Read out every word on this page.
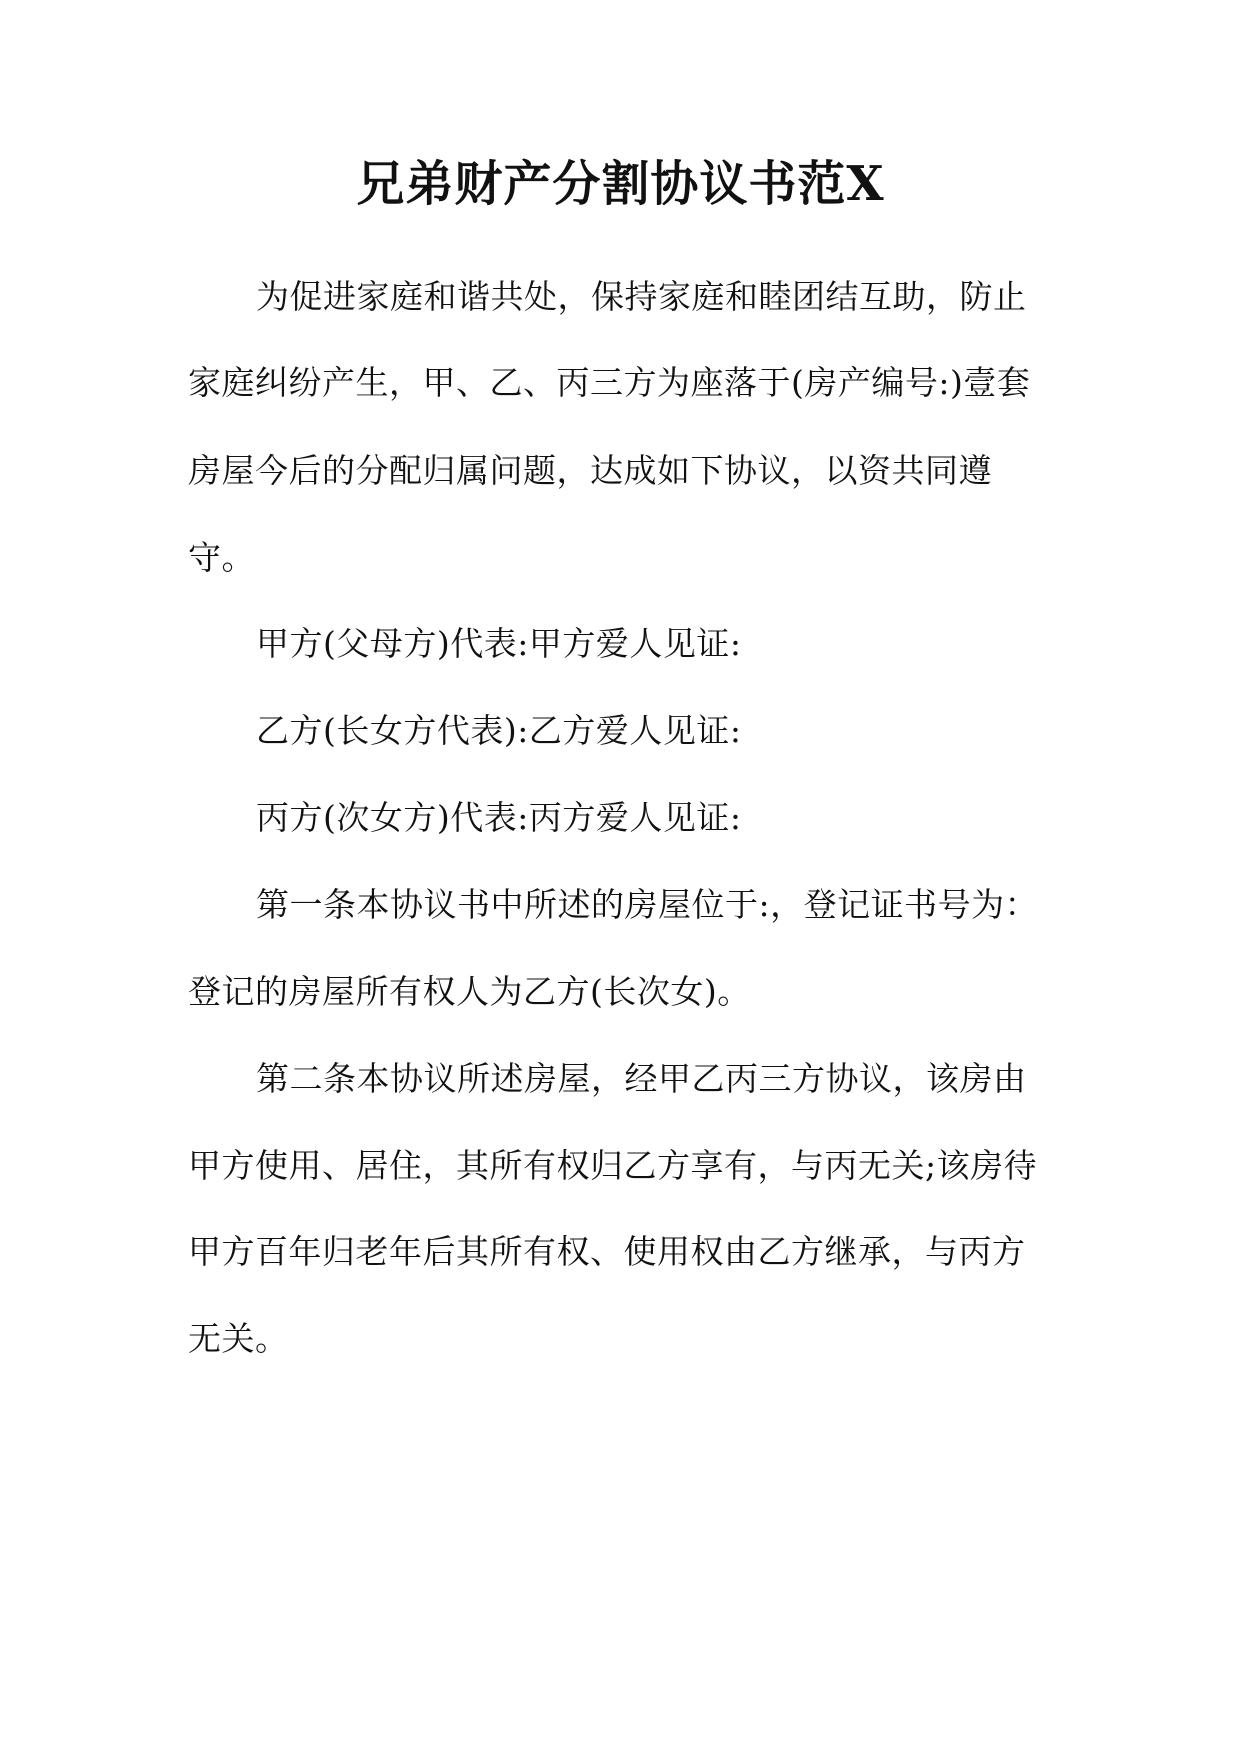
兄弟财产分割协议书范X
为促进家庭和谐共处，保持家庭和睦团结互助，防止
家庭纠纷产生，甲、乙、丙三方为座落于(房产编号:)壹套
房屋今后的分配归属问题，达成如下协议，以资共同遵
守。
甲方(父母方)代表:甲方爱人见证:
乙方(长女方代表):乙方爱人见证:
丙方(次女方)代表:丙方爱人见证:
第一条本协议书中所述的房屋位于:，登记证书号为：
登记的房屋所有权人为乙方(长次女)。
第二条本协议所述房屋，经甲乙丙三方协议，该房由
甲方使用、居住，其所有权归乙方享有，与丙无关;该房待
甲方百年归老年后其所有权、使用权由乙方继承，与丙方
无关。
